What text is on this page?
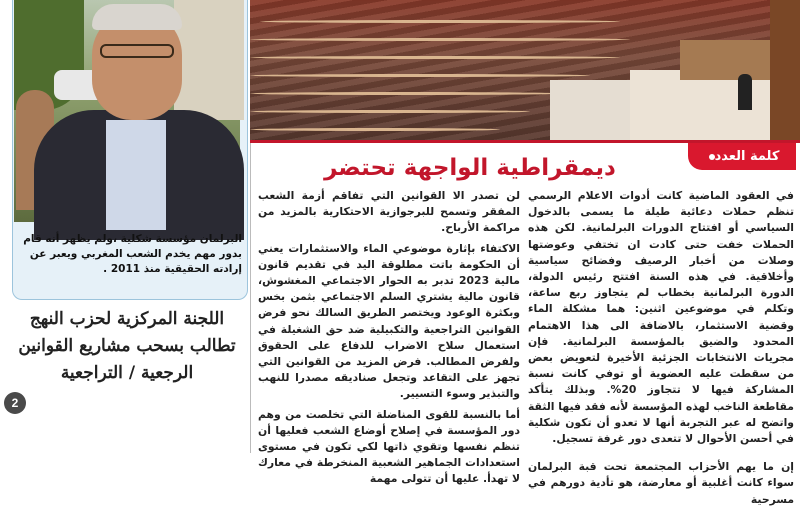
البرلمان مؤسسة شكلية ،ولم يظهر أنه قام بدور مهم يخدم الشعب المغربي ويعبر عن إرادته الحقيقية منذ 2011 .
اللجنة المركزية لحزب النهج تطالب بسحب مشاريع القوانين الرجعية / التراجعية
2
كلمة العدد
ديمقراطية الواجهة تحتضر

في العقود الماضية كانت أدوات الاعلام الرسمي تنظم حملات دعائية طيلة ما يسمى بالدخول السياسي أو افتتاح الدورات البرلمانية. لكن هذه الحملات خفت حتى كادت ان تختفي وعوضتها وصلات من أخبار الرصيف وفضائح سياسية وأخلاقية. في هذه السنة افتتح رئيس الدولة، الدورة البرلمانية بخطاب لم يتجاوز ربع ساعة، وتكلم في موضوعين اثنين: هما مشكلة الماء وقضية الاستثمار، بالاضافة الى هذا الاهتمام المحدود والضيق بالمؤسسة البرلمانية. فإن مجريات الانتخابات الجزئية الأخيرة لتعويض بعض من سقطت عليه العضوية أو توفي كانت نسبة المشاركة فيها لا تتجاوز 20%. وبذلك يتأكد مقاطعة الناخب لهذه المؤسسة لأنه فقد فيها الثقة واتضح له عبر التجربة أنها لا تعدو أن تكون شكلية في أحسن الأحوال لا تتعدى دور غرفة تسجيل.

إن ما يهم الأحزاب المجتمعة تحت قبة البرلمان سواء كانت أغلبية أو معارضة، هو تأدية دورهم في مسرحية

لن تصدر الا القوانين التي تفاقم أزمة الشعب المفقر وتسمح للبرجوازية الاحتكارية بالمزيد من مراكمة الأرباح.

الاكتفاء بإثارة موضوعي الماء والاستثمارات يعني أن الحكومة باتت مطلوقة اليد في تقديم قانون مالية 2023 تدبر به الحوار الاجتماعي المغشوش، قانون مالية يشتري السلم الاجتماعي بثمن بخس وبكثرة الوعود ويختصر الطريق السالك نحو فرض القوانين التراجعية والتكبيلية ضد حق الشغيلة في استعمال سلاح الاضراب للدفاع على الحقوق ولفرض المطالب. فرض المزيد من القوانين التي تجهز على التقاعد وتجعل صناديقه مصدرا للنهب والتبذير وسوء التسيير.

أما بالنسبة للقوى المناضلة التي تخلصت من وهم دور المؤسسة في إصلاح أوضاع الشعب فعليها أن تنظم نفسها وتقوي ذاتها لكي تكون في مستوى استعدادات الجماهير الشعبية المنخرطة في معارك لا تهدأ. عليها أن تتولى مهمة
